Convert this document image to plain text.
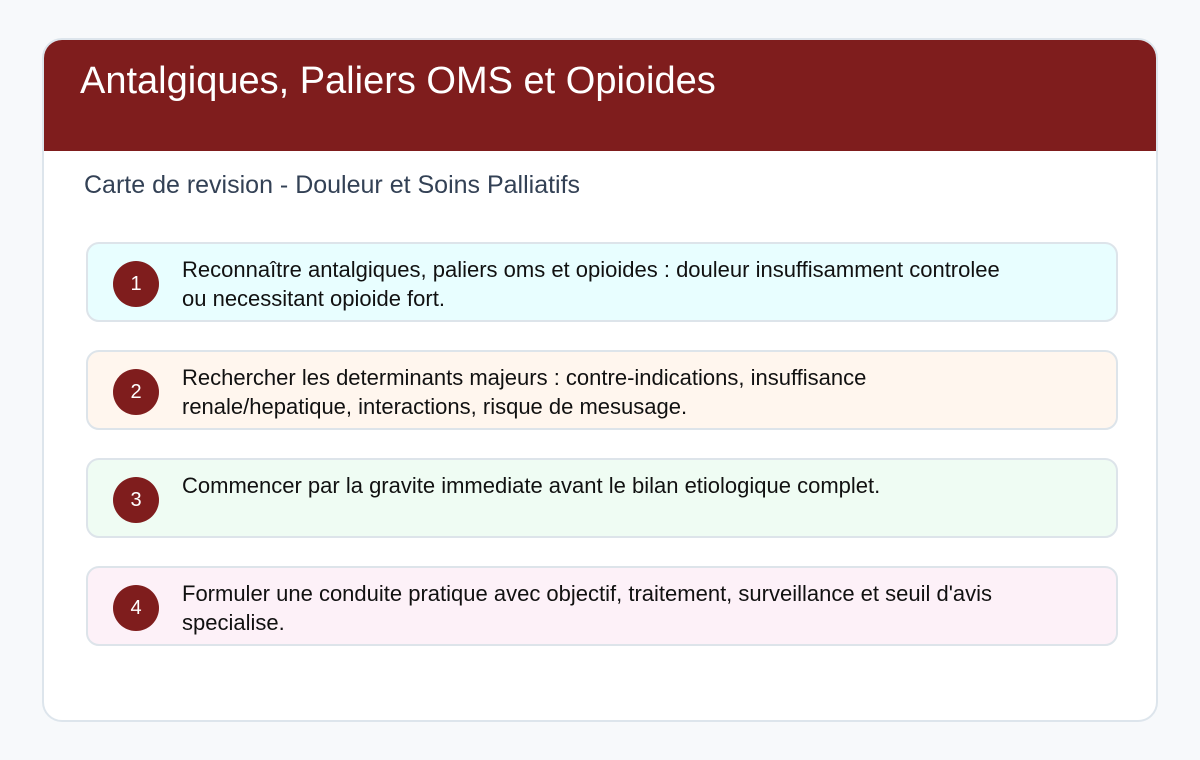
Antalgiques, Paliers OMS et Opioides

Carte de revision - Douleur et Soins Palliatifs

1
Reconnaître antalgiques, paliers oms et opioides : douleur insuffisamment controlee ou necessitant opioide fort.
2
Rechercher les determinants majeurs : contre-indications, insuffisance renale/hepatique, interactions, risque de mesusage.
3
Commencer par la gravite immediate avant le bilan etiologique complet.
4
Formuler une conduite pratique avec objectif, traitement, surveillance et seuil d'avis specialise.
